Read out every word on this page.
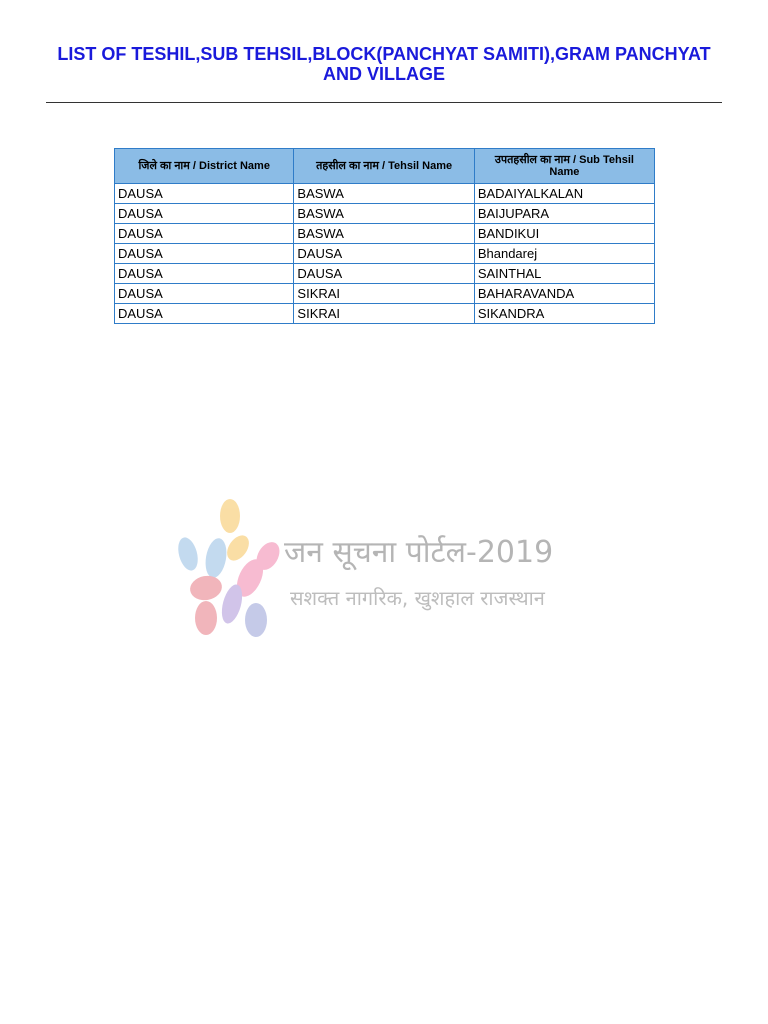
LIST OF TESHIL,SUB TEHSIL,BLOCK(PANCHYAT SAMITI),GRAM PANCHYAT AND VILLAGE
जिले का नाम / District Name	तहसील का नाम / Tehsil Name	उपतहसील का नाम / Sub Tehsil Name
DAUSA	BASWA	BADAIYALKALAN
DAUSA	BASWA	BAIJUPARA
DAUSA	BASWA	BANDIKUI
DAUSA	DAUSA	Bhandarej
DAUSA	DAUSA	SAINTHAL
DAUSA	SIKRAI	BAHARAVANDA
DAUSA	SIKRAI	SIKANDRA
जन सूचना पोर्टल-2019
सशक्त नागरिक, खुशहाल राजस्थान
